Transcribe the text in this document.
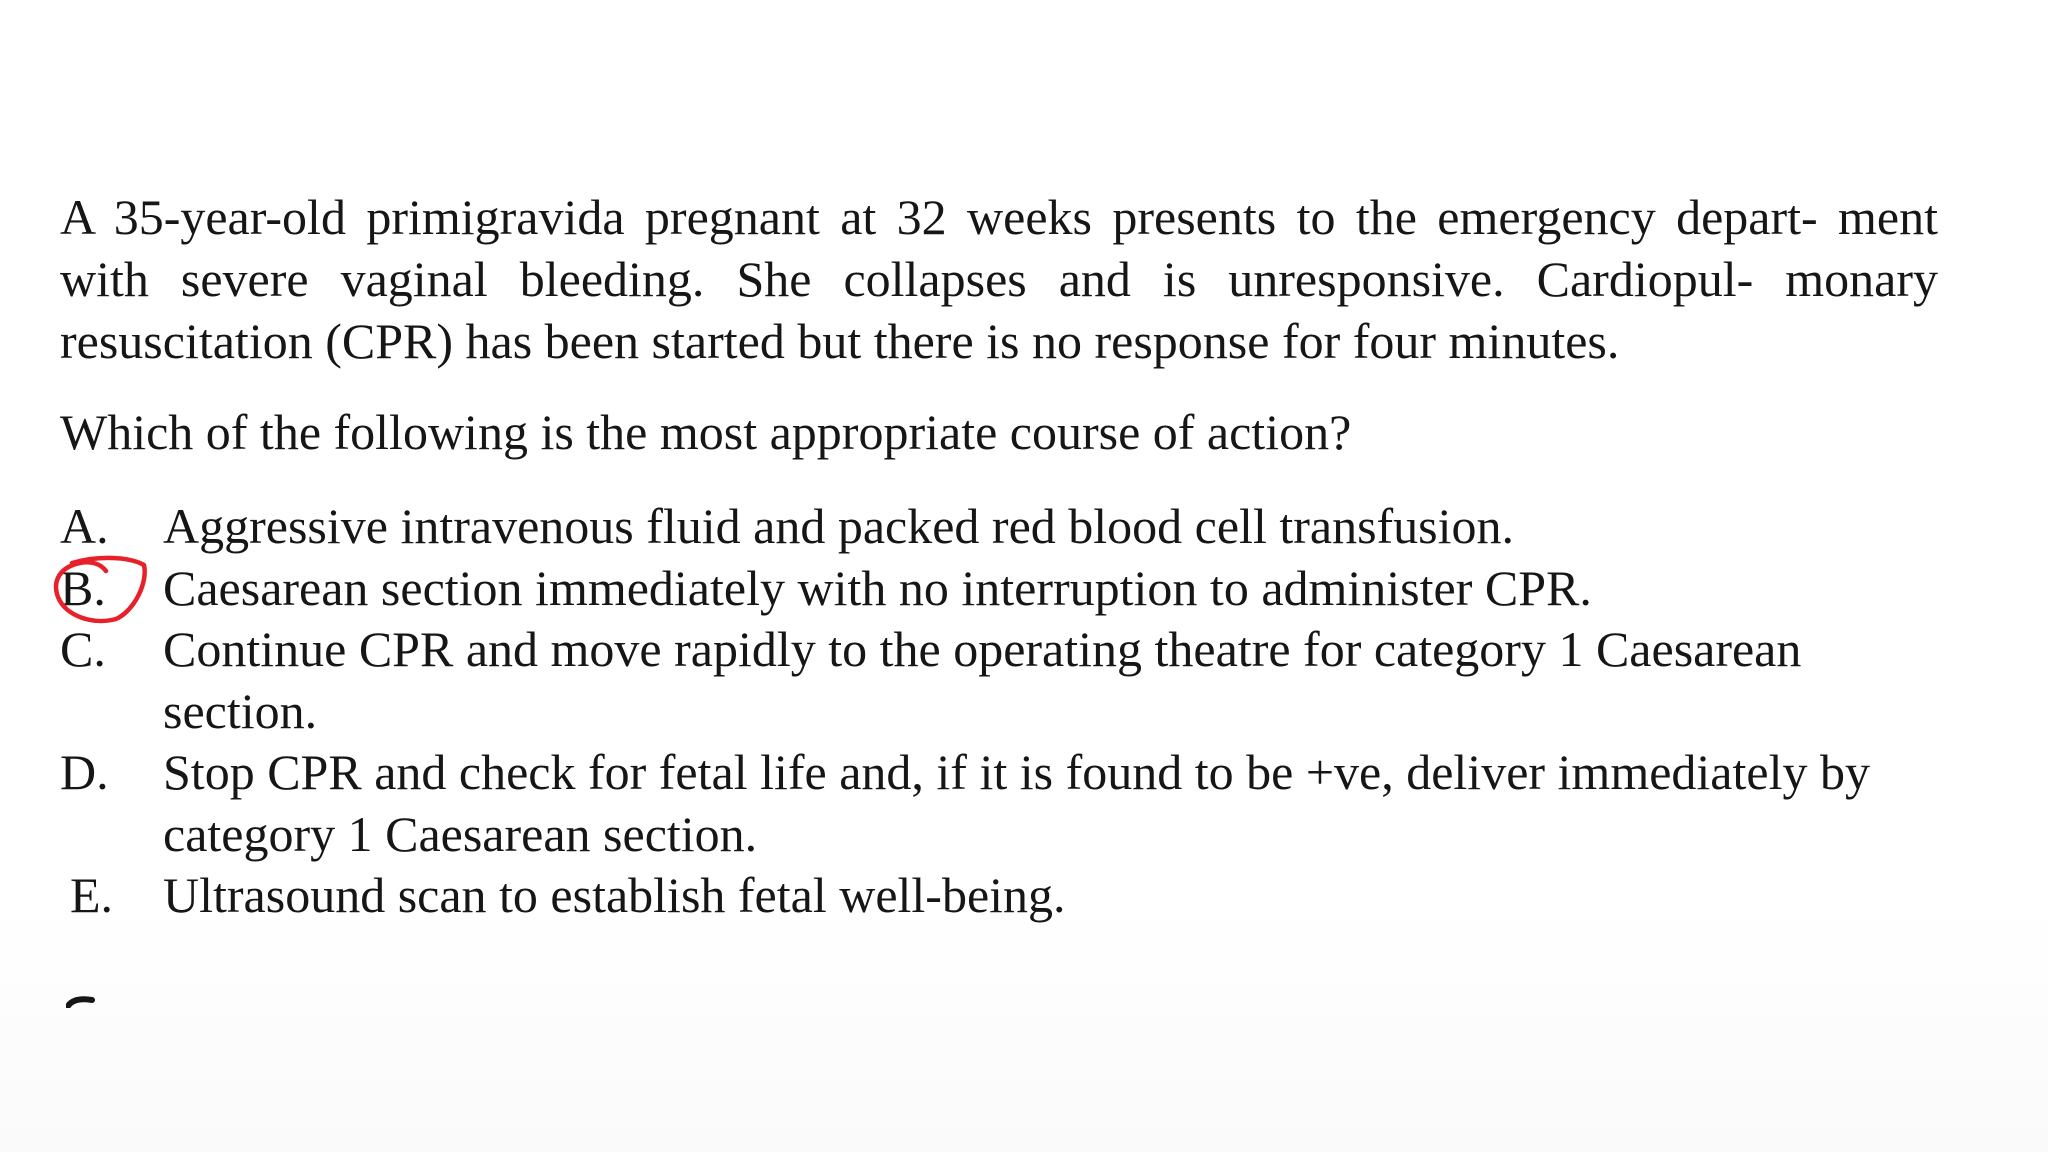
A 35-year-old primigravida pregnant at 32 weeks presents to the emergency depart- ment with severe vaginal bleeding. She collapses and is unresponsive. Cardiopul- monary resuscitation (CPR) has been started but there is no response for four minutes.

Which of the following is the most appropriate course of action?

A.	Aggressive intravenous fluid and packed red blood cell transfusion.
B.	Caesarean section immediately with no interruption to administer CPR.
C.	Continue CPR and move rapidly to the operating theatre for category 1 Caesarean section.
D.	Stop CPR and check for fetal life and, if it is found to be +ve, deliver immediately by category 1 Caesarean section.
E. Ultrasound scan to establish fetal well-being.
